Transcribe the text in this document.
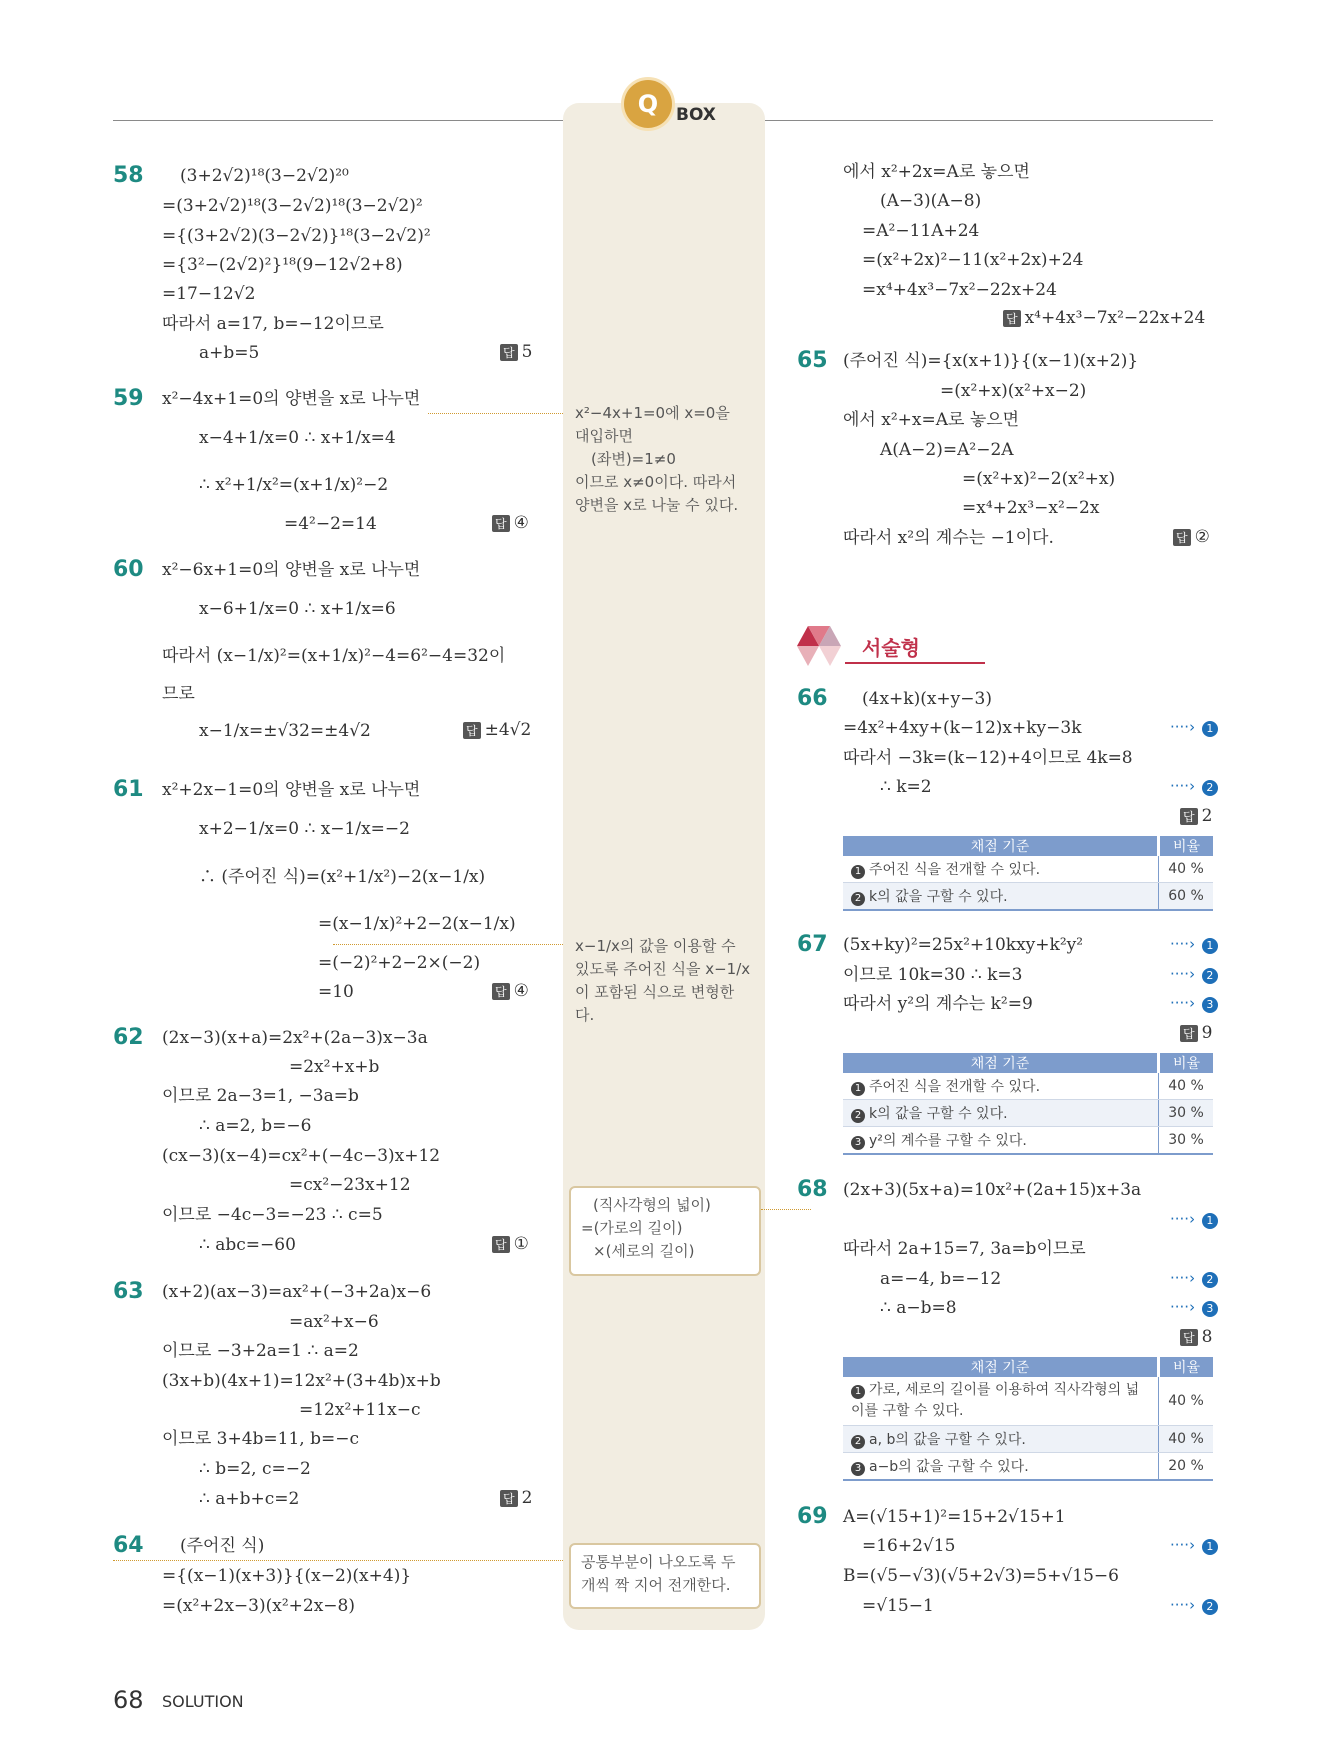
Q	BOX
58 (3+2√2)¹⁸(3−2√2)²⁰
=(3+2√2)¹⁸(3−2√2)¹⁸(3−2√2)²
={(3+2√2)(3−2√2)}¹⁸(3−2√2)²
={3²−(2√2)²}¹⁸(9−12√2+8)
=17−12√2
따라서 a=17, b=−12이므로
a+b=5	답 5
59 x²−4x+1=0의 양변을 x로 나누면
x−4+1/x=0 ∴ x+1/x=4
∴ x²+1/x²=(x+1/x)²−2
=4²−2=14	답 ④
60 x²−6x+1=0의 양변을 x로 나누면
x−6+1/x=0 ∴ x+1/x=6
따라서 (x−1/x)²=(x+1/x)²−4=6²−4=32이
므로
x−1/x=±√32=±4√2	답 ±4√2
61 x²+2x−1=0의 양변을 x로 나누면
x+2−1/x=0 ∴ x−1/x=−2
∴ (주어진 식)=(x²+1/x²)−2(x−1/x)
=(x−1/x)²+2−2(x−1/x)
=(−2)²+2−2×(−2)
=10	답 ④
62 (2x−3)(x+a)=2x²+(2a−3)x−3a
=2x²+x+b
이므로 2a−3=1, −3a=b
∴ a=2, b=−6
(cx−3)(x−4)=cx²+(−4c−3)x+12
=cx²−23x+12
이므로 −4c−3=−23 ∴ c=5
∴ abc=−60	답 ①
63 (x+2)(ax−3)=ax²+(−3+2a)x−6
=ax²+x−6
이므로 −3+2a=1 ∴ a=2
(3x+b)(4x+1)=12x²+(3+4b)x+b
=12x²+11x−c
이므로 3+4b=11, b=−c
∴ b=2, c=−2
∴ a+b+c=2	답 2
64 (주어진 식)
={(x−1)(x+3)}{(x−2)(x+4)}
=(x²+2x−3)(x²+2x−8)
에서 x²+2x=A로 놓으면
(A−3)(A−8)
=A²−11A+24
=(x²+2x)²−11(x²+2x)+24
=x⁴+4x³−7x²−22x+24
답 x⁴+4x³−7x²−22x+24
65 (주어진 식)={x(x+1)}{(x−1)(x+2)}
=(x²+x)(x²+x−2)
에서 x²+x=A로 놓으면
A(A−2)=A²−2A
=(x²+x)²−2(x²+x)
=x⁴+2x³−x²−2x
따라서 x²의 계수는 −1이다.	답 ②
x²−4x+1=0에 x=0을
대입하면
(좌변)=1≠0
이므로 x≠0이다. 따라서
양변을 x로 나눌 수 있다.
x−1/x의 값을 이용할 수
있도록 주어진 식을 x−1/x
이 포함된 식으로 변형한
다.
(직사각형의 넓이)
=(가로의 길이)
×(세로의 길이)
공통부분이 나오도록 두
개씩 짝 지어 전개한다.
서술형
66 (4x+k)(x+y−3)
=4x²+4xy+(k−12)x+ky−3k
따라서 −3k=(k−12)+4이므로 4k=8
∴ k=2
····› 1
····› 2
답 2
채점 기준	비율
1 주어진 식을 전개할 수 있다.	40 %
2 k의 값을 구할 수 있다.	60 %
67 (5x+ky)²=25x²+10kxy+k²y²
이므로 10k=30 ∴ k=3
따라서 y²의 계수는 k²=9
····› 1
····› 2
····› 3
답 9
채점 기준	비율
1 주어진 식을 전개할 수 있다.	40 %
2 k의 값을 구할 수 있다.	30 %
3 y²의 계수를 구할 수 있다.	30 %
68 (2x+3)(5x+a)=10x²+(2a+15)x+3a
따라서 2a+15=7, 3a=b이므로
a=−4, b=−12
∴ a−b=8
····› 1
····› 2
····› 3
답 8
채점 기준	비율
1 가로, 세로의 길이를 이용하여 직사각형의 넓이를 구할 수 있다.	40 %
2 a, b의 값을 구할 수 있다.	40 %
3 a−b의 값을 구할 수 있다.	20 %
69 A=(√15+1)²=15+2√15+1
=16+2√15
B=(√5−√3)(√5+2√3)=5+√15−6
=√15−1
····› 1
····› 2
68 SOLUTION
